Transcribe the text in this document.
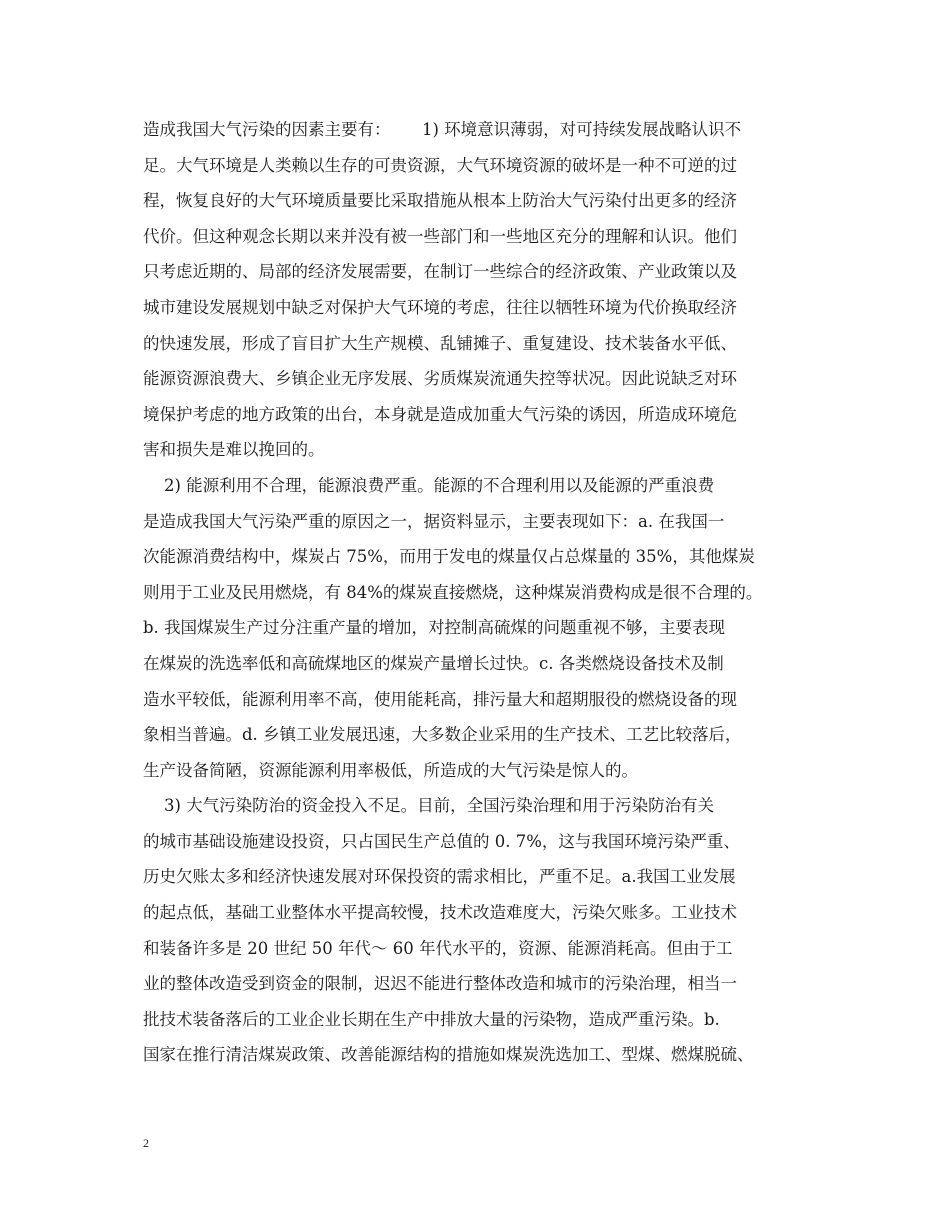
造成我国大气污染的因素主要有：      1) 环境意识薄弱，对可持续发展战略认识不
足。大气环境是人类赖以生存的可贵资源，大气环境资源的破坏是一种不可逆的过
程，恢复良好的大气环境质量要比采取措施从根本上防治大气污染付出更多的经济
代价。但这种观念长期以来并没有被一些部门和一些地区充分的理解和认识。他们
只考虑近期的、局部的经济发展需要，在制订一些综合的经济政策、产业政策以及
城市建设发展规划中缺乏对保护大气环境的考虑，往往以牺牲环境为代价换取经济
的快速发展，形成了盲目扩大生产规模、乱铺摊子、重复建设、技术装备水平低、
能源资源浪费大、乡镇企业无序发展、劣质煤炭流通失控等状况。因此说缺乏对环
境保护考虑的地方政策的出台，本身就是造成加重大气污染的诱因，所造成环境危
害和损失是难以挽回的。
2) 能源利用不合理，能源浪费严重。能源的不合理利用以及能源的严重浪费
是造成我国大气污染严重的原因之一，据资料显示，主要表现如下：a. 在我国一
次能源消费结构中，煤炭占 75%，而用于发电的煤量仅占总煤量的 35%，其他煤炭
则用于工业及民用燃烧，有 84%的煤炭直接燃烧，这种煤炭消费构成是很不合理的。
b. 我国煤炭生产过分注重产量的增加，对控制高硫煤的问题重视不够，主要表现
在煤炭的洗选率低和高硫煤地区的煤炭产量增长过快。c. 各类燃烧设备技术及制
造水平较低，能源利用率不高，使用能耗高，排污量大和超期服役的燃烧设备的现
象相当普遍。d. 乡镇工业发展迅速，大多数企业采用的生产技术、工艺比较落后，
生产设备简陋，资源能源利用率极低，所造成的大气污染是惊人的。
3) 大气污染防治的资金投入不足。目前，全国污染治理和用于污染防治有关
的城市基础设施建设投资，只占国民生产总值的 0. 7%，这与我国环境污染严重、
历史欠账太多和经济快速发展对环保投资的需求相比，严重不足。a.我国工业发展
的起点低，基础工业整体水平提高较慢，技术改造难度大，污染欠账多。工业技术
和装备许多是 20 世纪 50 年代～ 60 年代水平的，资源、能源消耗高。但由于工
业的整体改造受到资金的限制，迟迟不能进行整体改造和城市的污染治理，相当一
批技术装备落后的工业企业长期在生产中排放大量的污染物，造成严重污染。b.
国家在推行清洁煤炭政策、改善能源结构的措施如煤炭洗选加工、型煤、燃煤脱硫、
2
